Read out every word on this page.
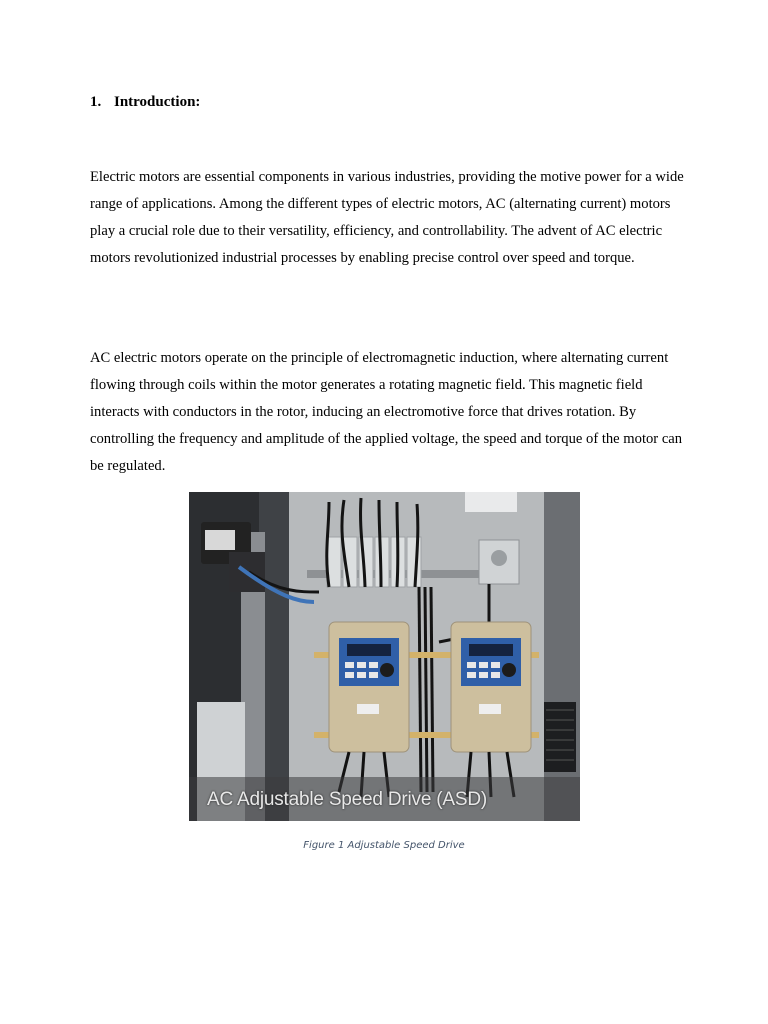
1. Introduction:

Electric motors are essential components in various industries, providing the motive power for a wide range of applications. Among the different types of electric motors, AC (alternating current) motors play a crucial role due to their versatility, efficiency, and controllability. The advent of AC electric motors revolutionized industrial processes by enabling precise control over speed and torque.

AC electric motors operate on the principle of electromagnetic induction, where alternating current flowing through coils within the motor generates a rotating magnetic field. This magnetic field interacts with conductors in the rotor, inducing an electromotive force that drives rotation. By controlling the frequency and amplitude of the applied voltage, the speed and torque of the motor can be regulated.

AC Adjustable Speed Drive (ASD)
Figure 1 Adjustable Speed Drive
